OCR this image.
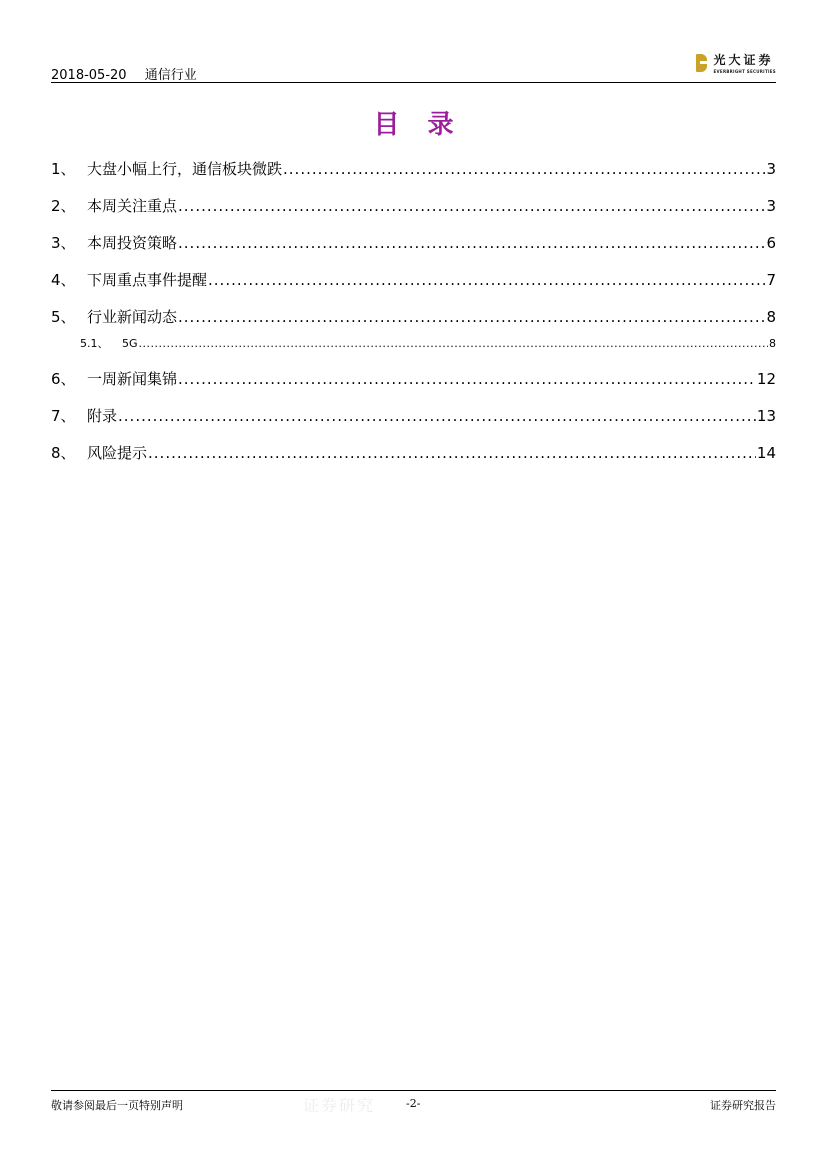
2018-05-20 通信行业
光大证券
EVERBRIGHT SECURITIES
目录
1、 大盘小幅上行，通信板块微跌 .....	3
2、 本周关注重点 .....	3
3、 本周投资策略 .....	6
4、 下周重点事件提醒 .....	7
5、 行业新闻动态 .....	8
5.1、	5G .....	8
6、 一周新闻集锦 .....	12
7、 附录 .....	13
8、 风险提示 .....	14
敬请参阅最后一页特别声明	证券研究	-2-	证券研究报告
